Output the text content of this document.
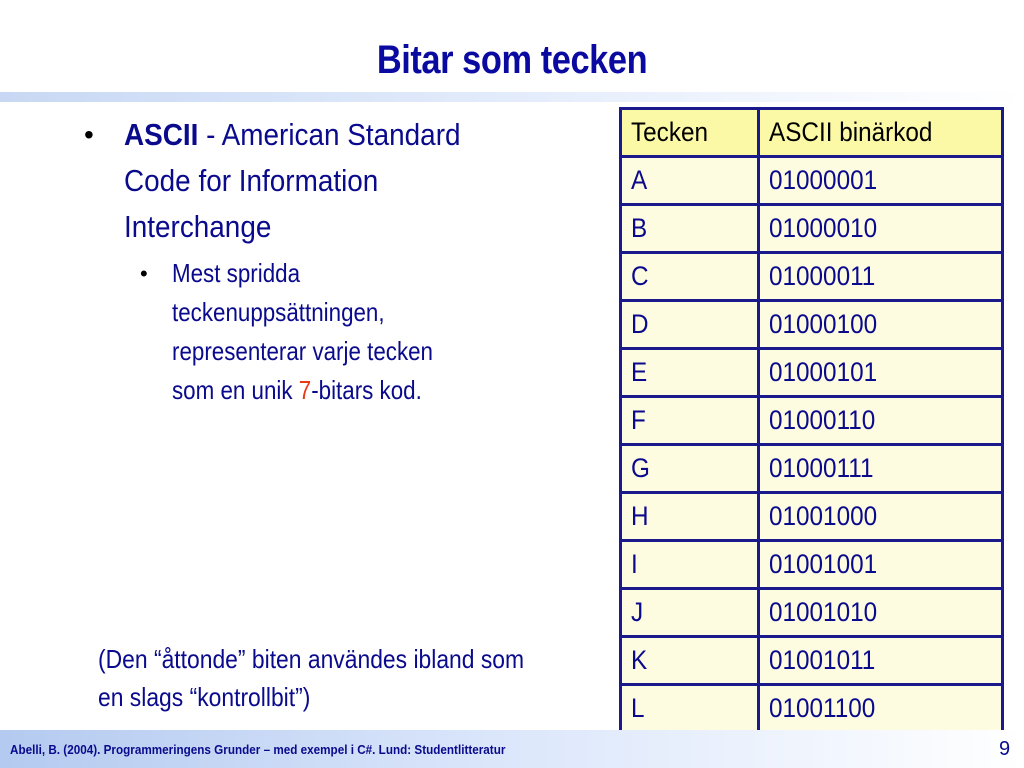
Bitar som tecken
• ASCII - American Standard Code for Information Interchange
• Mest spridda teckenuppsättningen, representerar varje tecken som en unik 7-bitars kod.
(Den “åttonde” biten användes ibland som en slags “kontrollbit”)
Tecken	ASCII binärkod
A	01000001
B	01000010
C	01000011
D	01000100
E	01000101
F	01000110
G	01000111
H	01001000
I	01001001
J	01001010
K	01001011
L	01001100
Abelli, B. (2004). Programmeringens Grunder – med exempel i C#. Lund: Studentlitteratur	9
